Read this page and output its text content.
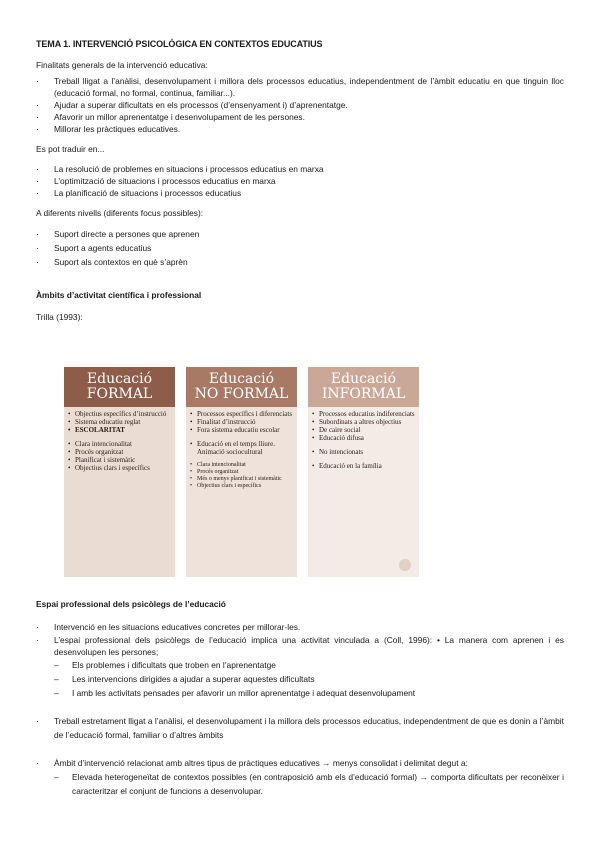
TEMA 1. INTERVENCIÓ PSICOLÒGICA EN CONTEXTOS EDUCATIUS

Finalitats generals de la intervenció educativa:

· Treball lligat a l’anàlisi, desenvolupament i millora dels processos educatius, independentment de l’àmbit educatiu en que tinguin lloc (educació formal, no formal, continua, familiar...).
· Ajudar a superar dificultats en els processos (d’ensenyament i) d’aprenentatge.
· Afavorir un millor aprenentatge i desenvolupament de les persones.
· Millorar les pràctiques educatives.

Es pot traduir en...

· La resolució de problemes en situacions i processos educatius en marxa
· L’optimització de situacions i processos educatius en marxa
· La planificació de situacions i processos educatius

A diferents nivells (diferents focus possibles):

· Suport directe a persones que aprenen
· Suport a agents educatius
· Suport als contextos en què s’aprèn

Àmbits d’activitat científica i professional

Trilla (1993):

Educació
FORMAL
• Objectius específics d’instrucció
• Sistema educatiu reglat
• ESCOLARITAT
• Clara intencionalitat
• Procés organitzat
• Planificat i sistemàtic
• Objectius clars i específics
Educació
NO FORMAL
• Processos específics i diferenciats
• Finalitat d’instrucció
• Fora sistema educatiu escolar
• Educació en el temps lliure. Animació sociocultural
• Clara intencionalitat
• Procés organitzat
• Més o menys planificat i sistemàtic
• Objectius clars i específics
Educació
INFORMAL
• Processos educatius indiferenciats
• Subordinats a altres objectius
• De caire social
• Educació difusa
• No intencionats
• Educació en la família

Espai professional dels psicòlegs de l’educació

· Intervenció en les situacions educatives concretes per millorar-les.
· L’espai professional dels psicòlegs de l’educació implica una activitat vinculada a (Coll, 1996): • La manera com aprenen i es desenvolupen les persones;
– Els problemes i dificultats que troben en l’aprenentatge
– Les intervencions dirigides a ajudar a superar aquestes dificultats
– I amb les activitats pensades per afavorir un millor aprenentatge i adequat desenvolupament
· Treball estretament lligat a l’anàlisi, el desenvolupament i la millora dels processos educatius, independentment de que es donin a l’àmbit de l’educació formal, familiar o d’altres àmbits
· Àmbit d’intervenció relacionat amb altres tipus de pràctiques educatives → menys consolidat i delimitat degut a:
– Elevada heterogeneïtat de contextos possibles (en contraposició amb els d’educació formal) → comporta dificultats per reconèixer i caracteritzar el conjunt de funcions a desenvolupar.
